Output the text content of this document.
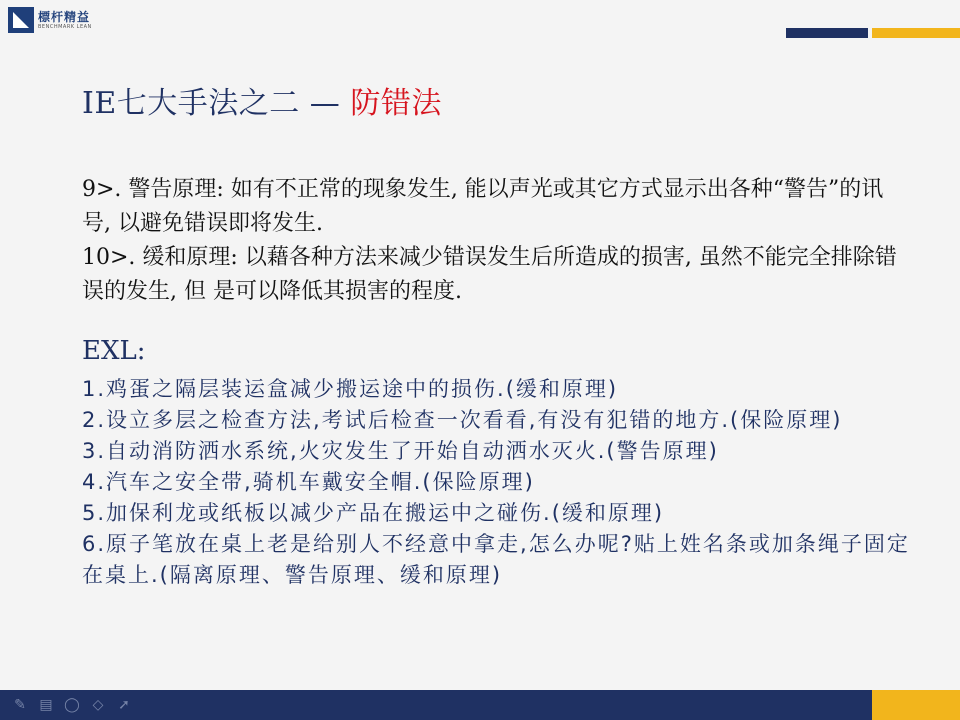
標杆精益
BENCHMARK LEAN
IE七大手法之二 — 防错法

9>. 警告原理: 如有不正常的现象发生, 能以声光或其它方式显示出各种“警告”的讯号, 以避免错误即将发生.

10>. 缓和原理: 以藉各种方法来减少错误发生后所造成的损害, 虽然不能完全排除错误的发生, 但 是可以降低其损害的程度.

EXL:
1.鸡蛋之隔层装运盒减少搬运途中的损伤.(缓和原理)
2.设立多层之检查方法,考试后检查一次看看,有没有犯错的地方.(保险原理)
3.自动消防洒水系统,火灾发生了开始自动洒水灭火.(警告原理)
4.汽车之安全带,骑机车戴安全帽.(保险原理)
5.加保利龙或纸板以减少产品在搬运中之碰伤.(缓和原理)
6.原子笔放在桌上老是给别人不经意中拿走,怎么办呢?贴上姓名条或加条绳子固定在桌上.(隔离原理、警告原理、缓和原理)
✎ ▤ ◯ ◇ ➚
